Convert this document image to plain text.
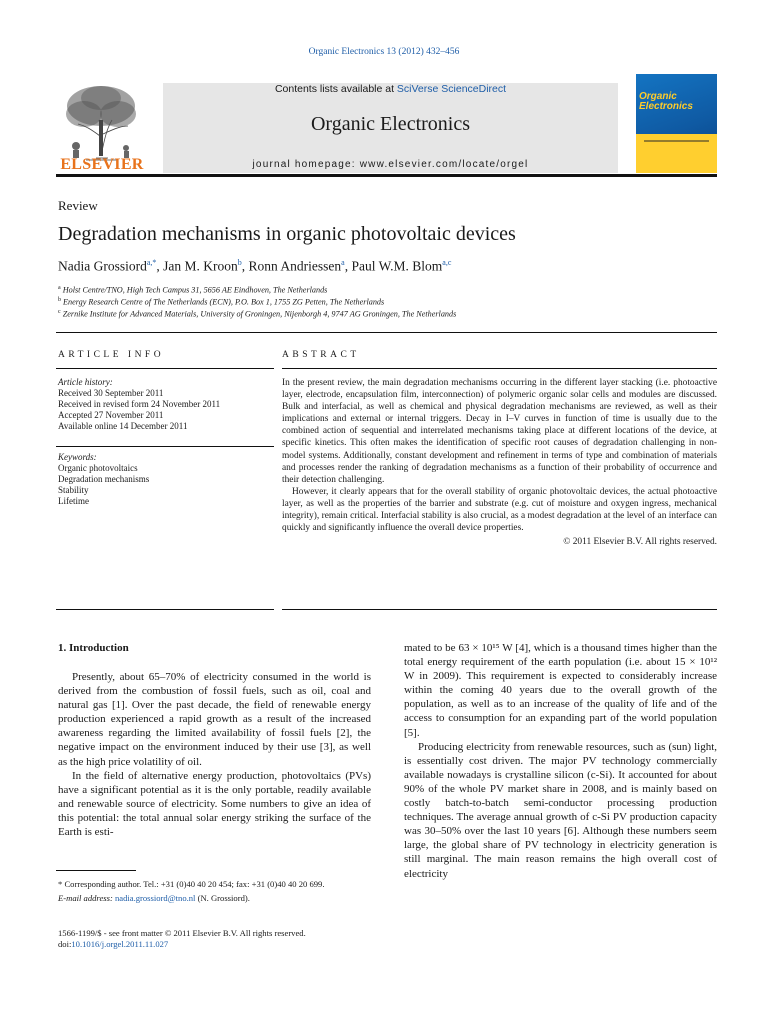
Organic Electronics 13 (2012) 432–456
ELSEVIER
Contents lists available at SciVerse ScienceDirect
Organic Electronics
journal homepage: www.elsevier.com/locate/orgel
Organic
Electronics
Review
Degradation mechanisms in organic photovoltaic devices
Nadia Grossiord$^{a,*}$, Jan M. Kroon$^b$, Ronn Andriessen$^a$, Paul W.M. Blom$^{a,c}$
$^a$ Holst Centre/TNO, High Tech Campus 31, 5656 AE Eindhoven, The Netherlands
$^b$ Energy Research Centre of The Netherlands (ECN), P.O. Box 1, 1755 ZG Petten, The Netherlands
$^c$ Zernike Institute for Advanced Materials, University of Groningen, Nijenborgh 4, 9747 AG Groningen, The Netherlands
ARTICLE INFO
Article history:
Received 30 September 2011
Received in revised form 24 November 2011
Accepted 27 November 2011
Available online 14 December 2011
Keywords:
Organic photovoltaics
Degradation mechanisms
Stability
Lifetime
ABSTRACT

In the present review, the main degradation mechanisms occurring in the different layer stacking (i.e. photoactive layer, electrode, encapsulation film, interconnection) of polymeric organic solar cells and modules are discussed. Bulk and interfacial, as well as chemical and physical degradation mechanisms are reviewed, as well as their implications and external or internal triggers. Decay in I–V curves in function of time is usually due to the combined action of sequential and interrelated mechanisms taking place at different locations of the device, at specific kinetics. This often makes the identification of specific root causes of degradation challenging in non-model systems. Additionally, constant development and refinement in terms of type and combination of materials and processes render the ranking of degradation mechanisms as a function of their probability of occurrence and their detection challenging.

However, it clearly appears that for the overall stability of organic photovoltaic devices, the actual photoactive layer, as well as the properties of the barrier and substrate (e.g. cut of moisture and oxygen ingress, mechanical integrity), remain critical. Interfacial stability is also crucial, as a modest degradation at the level of an interface can quickly and significantly influence the overall device properties.

© 2011 Elsevier B.V. All rights reserved.
1. Introduction

Presently, about 65–70% of electricity consumed in the world is derived from the combustion of fossil fuels, such as oil, coal and natural gas [1]. Over the past decade, the field of renewable energy production experienced a rapid growth as a result of the increased awareness regarding the limited availability of fossil fuels [2], the negative impact on the environment induced by their use [3], as well as the high price volatility of oil.

In the field of alternative energy production, photovoltaics (PVs) have a significant potential as it is the only portable, readily available and renewable source of electricity. Some numbers to give an idea of this potential: the total annual solar energy striking the surface of the Earth is esti-

* Corresponding author. Tel.: +31 (0)40 40 20 454; fax: +31 (0)40 40 20 699.
E-mail address: nadia.grossiord@tno.nl (N. Grossiord).
1566-1199/$ - see front matter © 2011 Elsevier B.V. All rights reserved.
doi:10.1016/j.orgel.2011.11.027

mated to be 63 × 10¹⁵ W [4], which is a thousand times higher than the total energy requirement of the earth population (i.e. about 15 × 10¹² W in 2009). This requirement is expected to considerably increase within the coming 40 years due to the overall growth of the population, as well as to an increase of the quality of life and of the access to consumption for an expanding part of the world population [5].

Producing electricity from renewable resources, such as (sun) light, is essentially cost driven. The major PV technology commercially available nowadays is crystalline silicon (c-Si). It accounted for about 90% of the whole PV market share in 2008, and is mainly based on costly batch-to-batch semi-conductor processing production techniques. The average annual growth of c-Si PV production capacity was 30–50% over the last 10 years [6]. Although these numbers seem large, the global share of PV technology in electricity generation is still marginal. The main reason remains the high overall cost of electricity
